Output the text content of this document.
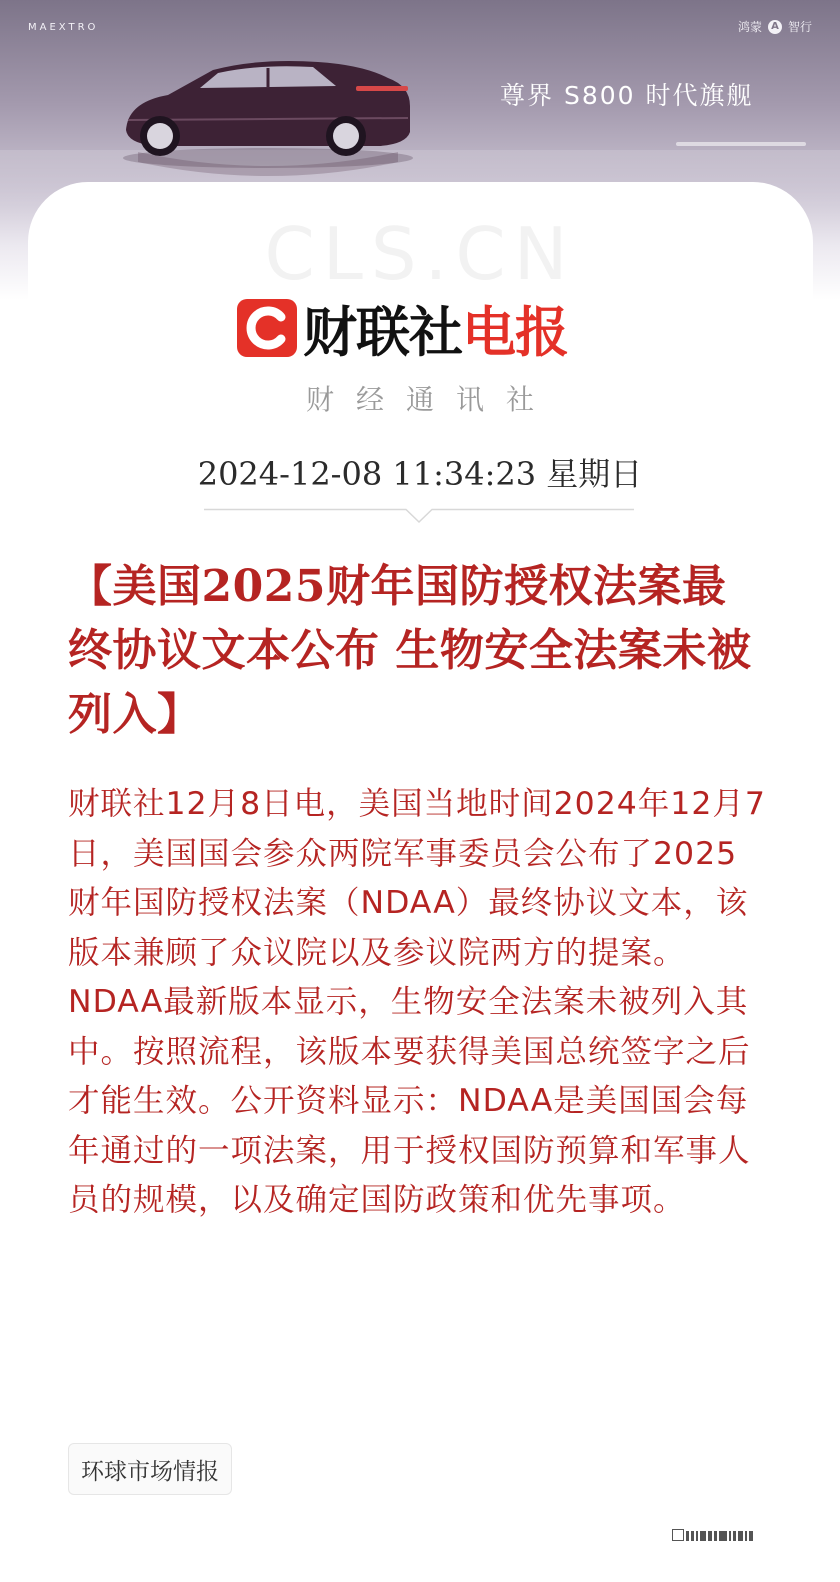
MAEXTRO	鸿蒙 A 智行
尊界 S800 时代旗舰
CLS.CN
财联社 电报
财经通讯社
2024-12-08 11:34:23 星期日
【美国2025财年国防授权法案最终协议文本公布 生物安全法案未被列入】
财联社12月8日电，美国当地时间2024年12月7日，美国国会参众两院军事委员会公布了2025财年国防授权法案（NDAA）最终协议文本，该版本兼顾了众议院以及参议院两方的提案。NDAA最新版本显示，生物安全法案未被列入其中。按照流程，该版本要获得美国总统签字之后才能生效。公开资料显示：NDAA是美国国会每年通过的一项法案，用于授权国防预算和军事人员的规模，以及确定国防政策和优先事项。
环球市场情报
